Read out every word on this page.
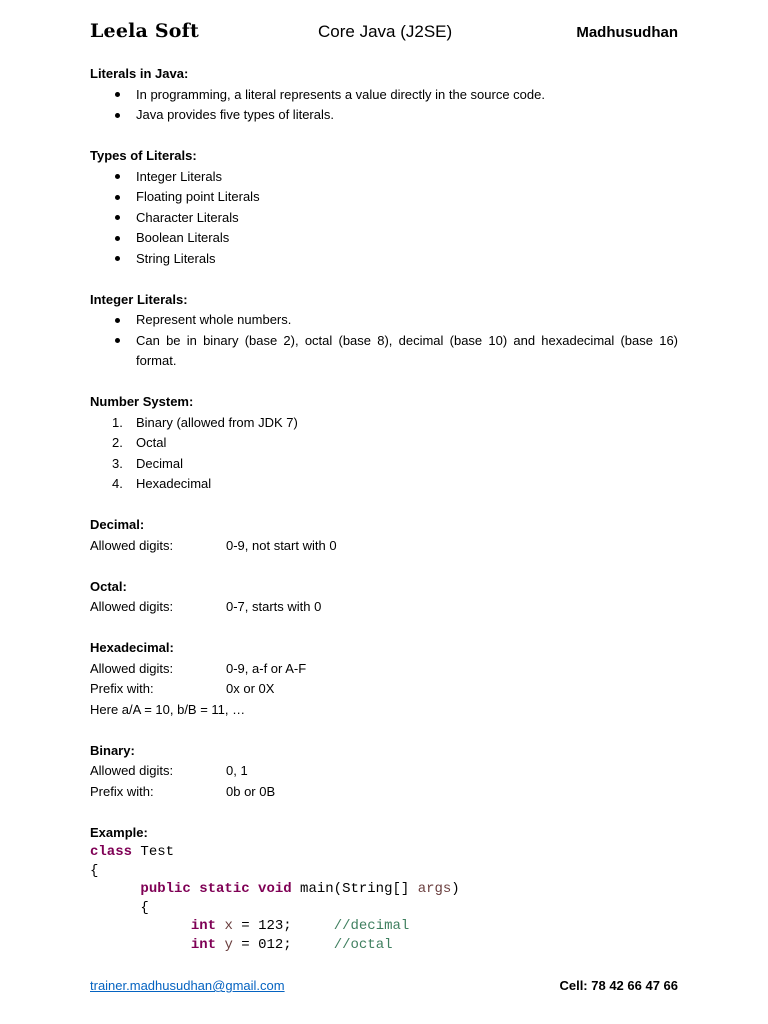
Leela Soft	Core Java (J2SE)	Madhusudhan
Literals in Java:
In programming, a literal represents a value directly in the source code.
Java provides five types of literals.
Types of Literals:
Integer Literals
Floating point Literals
Character Literals
Boolean Literals
String Literals
Integer Literals:
Represent whole numbers.
Can be in binary (base 2), octal (base 8), decimal (base 10) and hexadecimal (base 16) format.
Number System:
1. Binary (allowed from JDK 7)
2. Octal
3. Decimal
4. Hexadecimal
Decimal:
Allowed digits:	0-9, not start with 0
Octal:
Allowed digits:	0-7, starts with 0
Hexadecimal:
Allowed digits:	0-9, a-f or A-F
Prefix with:	0x or 0X
Here a/A = 10, b/B = 11, …
Binary:
Allowed digits:	0, 1
Prefix with:	0b or 0B
Example:
class Test
{
public static void main(String[] args)
{
int x = 123;     //decimal
int y = 012;     //octal
trainer.madhusudhan@gmail.com	Cell: 78 42 66 47 66
